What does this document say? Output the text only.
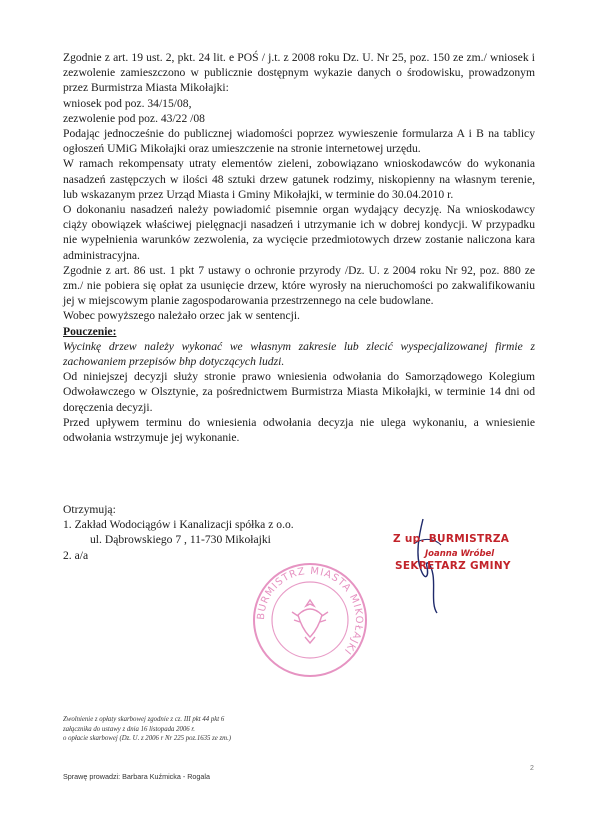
Zgodnie z art. 19 ust. 2, pkt. 24 lit. e POŚ / j.t. z 2008 roku Dz. U. Nr 25, poz. 150 ze zm./ wniosek i zezwolenie zamieszczono w publicznie dostępnym wykazie danych o środowisku, prowadzonym przez Burmistrza Miasta Mikołajki:

wniosek pod poz. 34/15/08,

zezwolenie pod poz. 43/22 /08

Podając jednocześnie do publicznej wiadomości poprzez wywieszenie formularza A i B na tablicy ogłoszeń UMiG Mikołajki oraz umieszczenie na stronie internetowej urzędu.

W ramach rekompensaty utraty elementów zieleni, zobowiązano wnioskodawców do wykonania nasadzeń zastępczych w ilości 48 sztuki drzew gatunek rodzimy, niskopienny na własnym terenie, lub wskazanym przez Urząd Miasta i Gminy Mikołajki, w terminie do 30.04.2010 r.

O dokonaniu nasadzeń należy powiadomić pisemnie organ wydający decyzję. Na wnioskodawcy ciąży obowiązek właściwej pielęgnacji nasadzeń i utrzymanie ich w dobrej kondycji. W przypadku nie wypełnienia warunków zezwolenia, za wycięcie przedmiotowych drzew zostanie naliczona kara administracyjna.

Zgodnie z art. 86 ust. 1 pkt 7 ustawy o ochronie przyrody /Dz. U. z 2004 roku Nr 92, poz. 880 ze zm./ nie pobiera się opłat za usunięcie drzew, które wyrosły na nieruchomości po zakwalifikowaniu jej w miejscowym planie zagospodarowania przestrzennego na cele budowlane.

Wobec powyższego należało orzec jak w sentencji.

Pouczenie:

Wycinkę drzew należy wykonać we własnym zakresie lub zlecić wyspecjalizowanej firmie z zachowaniem przepisów bhp dotyczących ludzi.

Od niniejszej decyzji służy stronie prawo wniesienia odwołania do Samorządowego Kolegium Odwoławczego w Olsztynie, za pośrednictwem Burmistrza Miasta Mikołajki, w terminie 14 dni od doręczenia decyzji.

Przed upływem terminu do wniesienia odwołania decyzja nie ulega wykonaniu, a wniesienie odwołania wstrzymuje jej wykonanie.

Otrzymują:

1. Zakład Wodociągów i Kanalizacji spółka z o.o.

ul. Dąbrowskiego 7 , 11-730 Mikołajki

2. a/a

BURMISTRZ MIASTA MIKOŁAJKI
Z up. BURMISTRZA
Joanna Wróbel
SEKRETARZ GMINY

Zwolnienie z opłaty skarbowej zgodnie z cz. III pkt 44 pkt 6

załącznika do ustawy z dnia 16 listopada 2006 r.

o opłacie skarbowej (Dz. U. z 2006 r Nr 225 poz.1635 ze zm.)

Sprawę prowadzi: Barbara Kuźmicka - Rogala
2
